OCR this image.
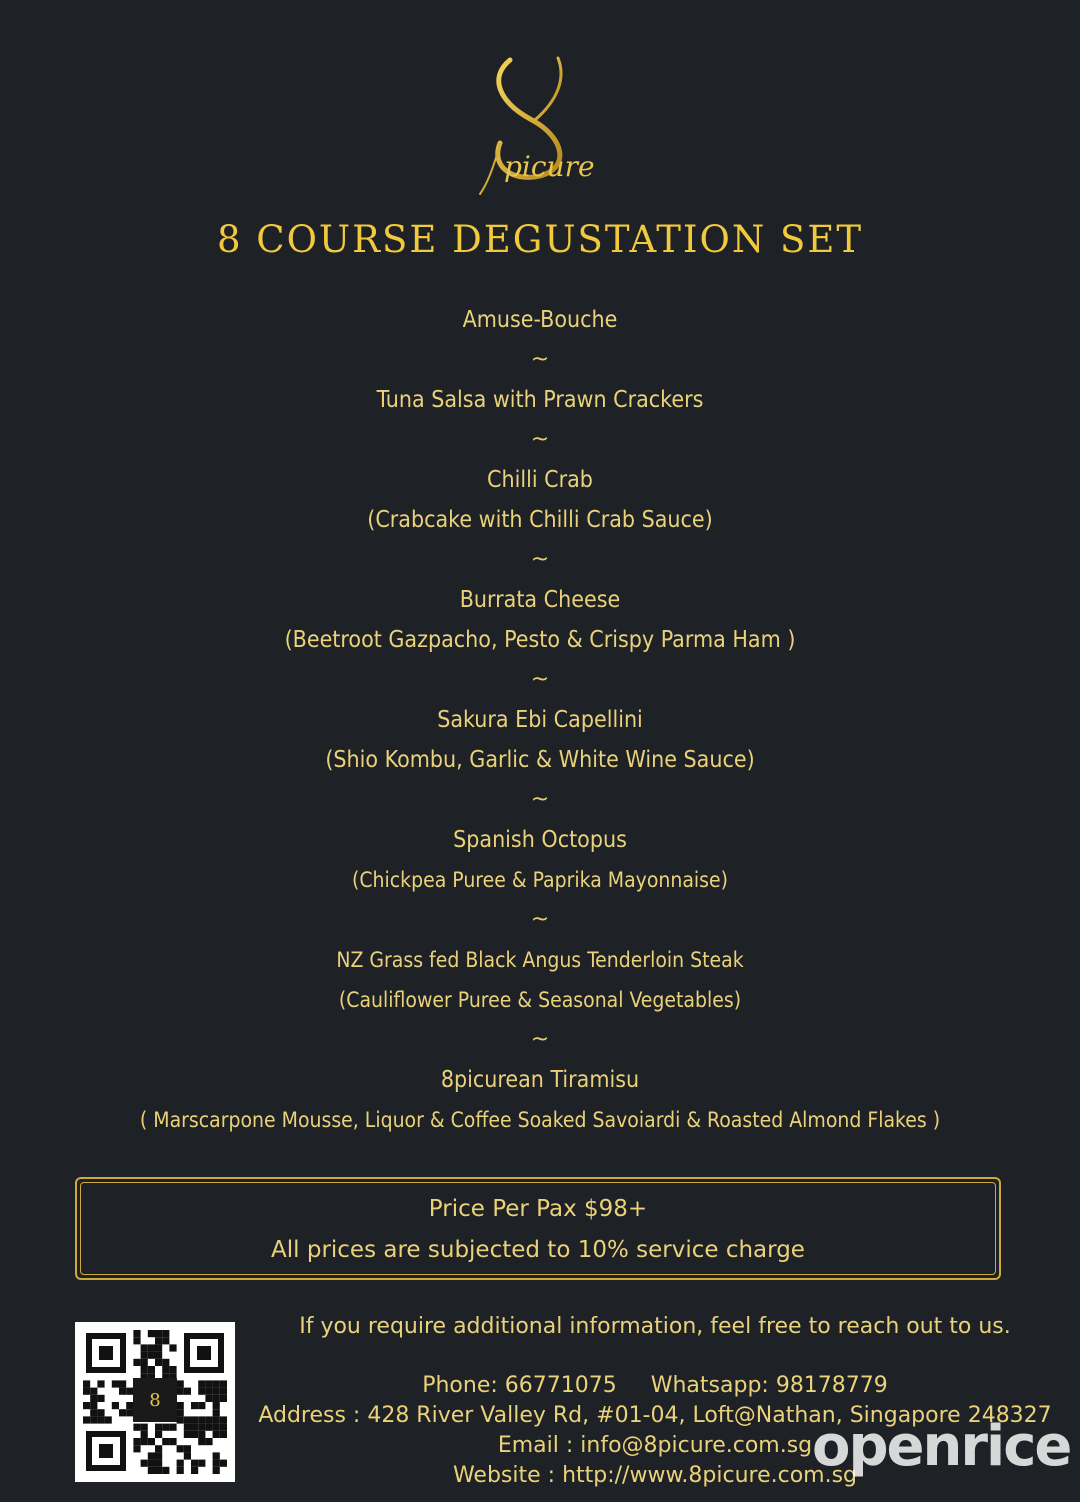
picure
8 COURSE DEGUSTATION SET
Amuse-Bouche
~
Tuna Salsa with Prawn Crackers
~
Chilli Crab
(Crabcake with Chilli Crab Sauce)
~
Burrata Cheese
(Beetroot Gazpacho, Pesto & Crispy Parma Ham )
~
Sakura Ebi Capellini
(Shio Kombu, Garlic & White Wine Sauce)
~
Spanish Octopus
(Chickpea Puree & Paprika Mayonnaise)
~
NZ Grass fed Black Angus Tenderloin Steak
(Cauliflower Puree & Seasonal Vegetables)
~
8picurean Tiramisu
( Marscarpone Mousse, Liquor & Coffee Soaked Savoiardi & Roasted Almond Flakes )
Price Per Pax $98+
All prices are subjected to 10% service charge
8
If you require additional information, feel free to reach out to us.
Phone: 66771075 Whatsapp: 98178779
Address : 428 River Valley Rd, #01-04, Loft@Nathan, Singapore 248327
Email : info@8picure.com.sg
Website : http://www.8picure.com.sg
openrice
